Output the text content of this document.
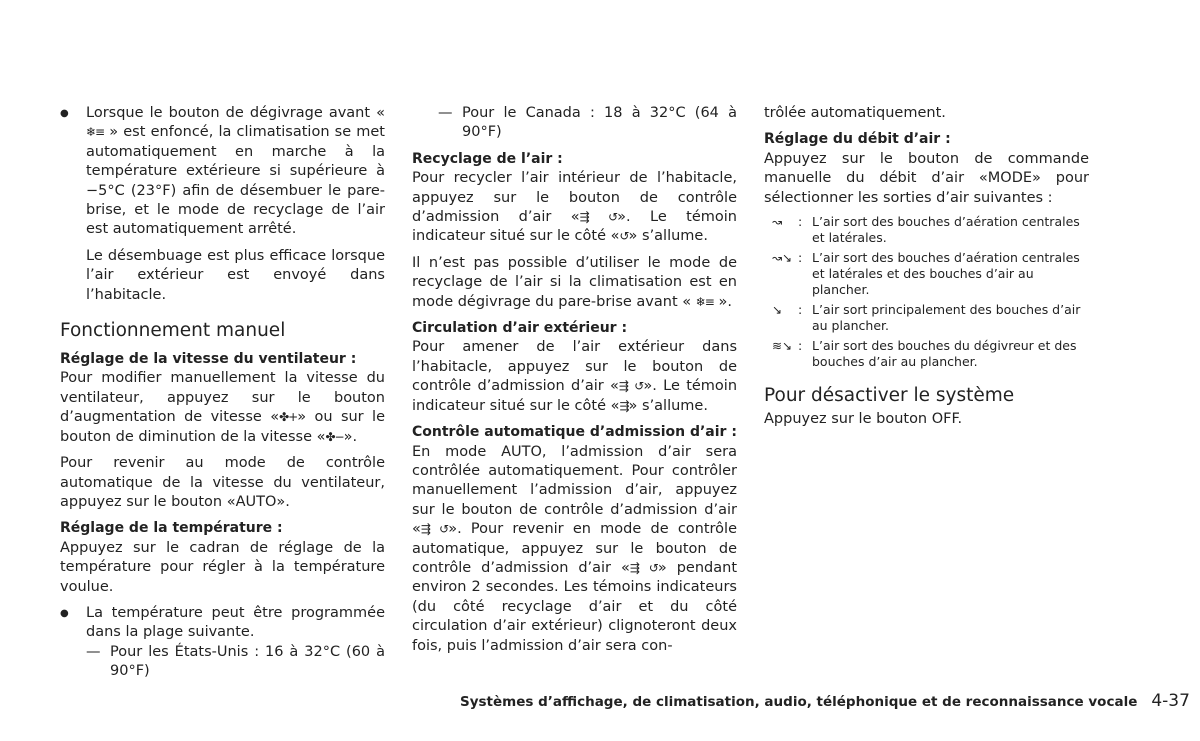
● Lorsque le bouton de dégivrage avant « ❄≡ » est enfoncé, la climatisation se met automatiquement en marche à la température extérieure si supérieure à −5°C (23°F) afin de désembuer le pare-brise, et le mode de recyclage de l’air est automatiquement arrêté.

Le désembuage est plus efficace lorsque l’air extérieur est envoyé dans l’habitacle.

Fonctionnement manuel

Réglage de la vitesse du ventilateur :

Pour modifier manuellement la vitesse du ventilateur, appuyez sur le bouton d’augmentation de vitesse «✤+» ou sur le bouton de diminution de la vitesse «✤−».

Pour revenir au mode de contrôle automatique de la vitesse du ventilateur, appuyez sur le bouton «AUTO».

Réglage de la température :

Appuyez sur le cadran de réglage de la température pour régler à la température voulue.

● La température peut être programmée dans la plage suivante.

— Pour les États-Unis : 16 à 32°C (60 à 90°F)

— Pour le Canada : 18 à 32°C (64 à 90°F)

Recyclage de l’air :

Pour recycler l’air intérieur de l’habitacle, appuyez sur le bouton de contrôle d’admission d’air «⇶ ↺». Le témoin indicateur situé sur le côté «↺» s’allume.

Il n’est pas possible d’utiliser le mode de recyclage de l’air si la climatisation est en mode dégivrage du pare-brise avant « ❄≡ ».

Circulation d’air extérieur :

Pour amener de l’air extérieur dans l’habitacle, appuyez sur le bouton de contrôle d’admission d’air «⇶ ↺». Le témoin indicateur situé sur le côté «⇶» s’allume.

Contrôle automatique d’admission d’air :

En mode AUTO, l’admission d’air sera contrôlée automatiquement. Pour contrôler manuellement l’admission d’air, appuyez sur le bouton de contrôle d’admission d’air «⇶ ↺». Pour revenir en mode de contrôle automatique, appuyez sur le bouton de contrôle d’admission d’air «⇶ ↺» pendant environ 2 secondes. Les témoins indicateurs (du côté recyclage d’air et du côté circulation d’air extérieur) clignoteront deux fois, puis l’admission d’air sera con-

trôlée automatiquement.

Réglage du débit d’air :

Appuyez sur le bouton de commande manuelle du débit d’air «MODE» pour sélectionner les sorties d’air suivantes :

↝ : L’air sort des bouches d’aération centrales et latérales.
↝↘ : L’air sort des bouches d’aération centrales et latérales et des bouches d’air au plancher.
↘ : L’air sort principalement des bouches d’air au plancher.
≋↘ : L’air sort des bouches du dégivreur et des bouches d’air au plancher.
Pour désactiver le système

Appuyez sur le bouton OFF.

Systèmes d’affichage, de climatisation, audio, téléphonique et de reconnaissance vocale 4-37
